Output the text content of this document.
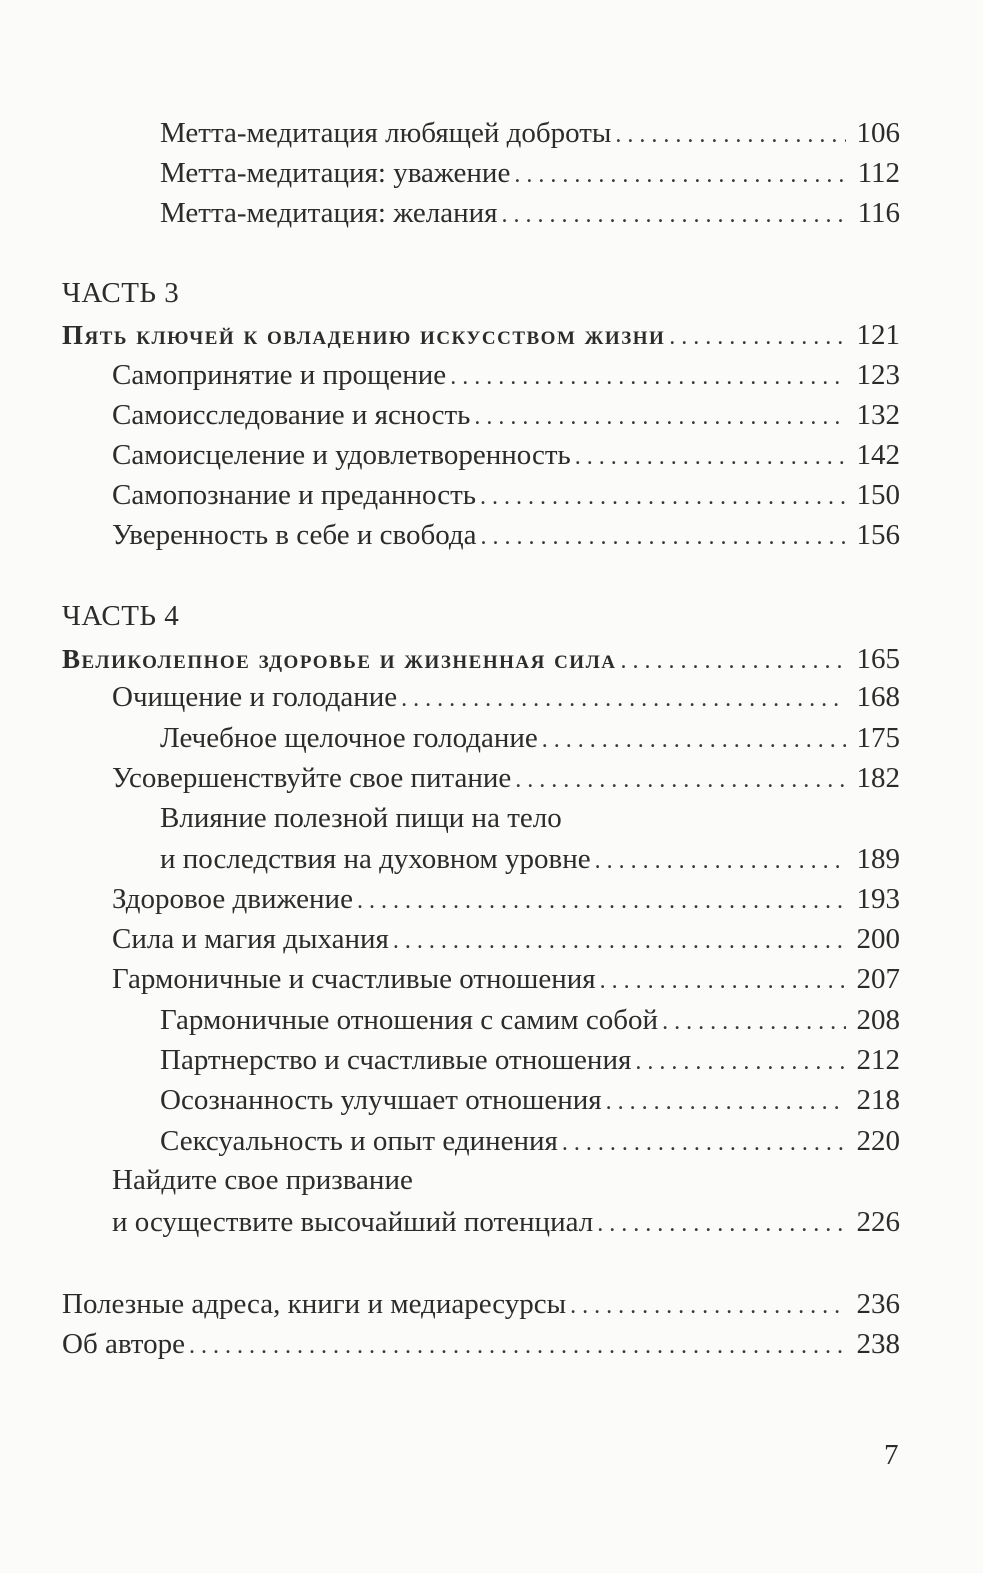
Метта-медитация любящей доброты . . .	106
Метта-медитация: уважение . . .	112
Метта-медитация: желания . . .	116
ЧАСТЬ 3
Пять ключей к овладению искусством жизни . . .	121
Самопринятие и прощение . . .	123
Самоисследование и ясность . . .	132
Самоисцеление и удовлетворенность . . .	142
Самопознание и преданность . . .	150
Уверенность в себе и свобода . . .	156
ЧАСТЬ 4
Великолепное здоровье и жизненная сила . . .	165
Очищение и голодание . . .	168
Лечебное щелочное голодание . . .	175
Усовершенствуйте свое питание . . .	182
Влияние полезной пищи на тело
и последствия на духовном уровне . . .	189
Здоровое движение . . .	193
Сила и магия дыхания . . .	200
Гармоничные и счастливые отношения . . .	207
Гармоничные отношения с самим собой . . .	208
Партнерство и счастливые отношения . . .	212
Осознанность улучшает отношения . . .	218
Сексуальность и опыт единения . . .	220
Найдите свое призвание
и осуществите высочайший потенциал . . .	226
Полезные адреса, книги и медиаресурсы . . .	236
Об авторе . . .	238
7
